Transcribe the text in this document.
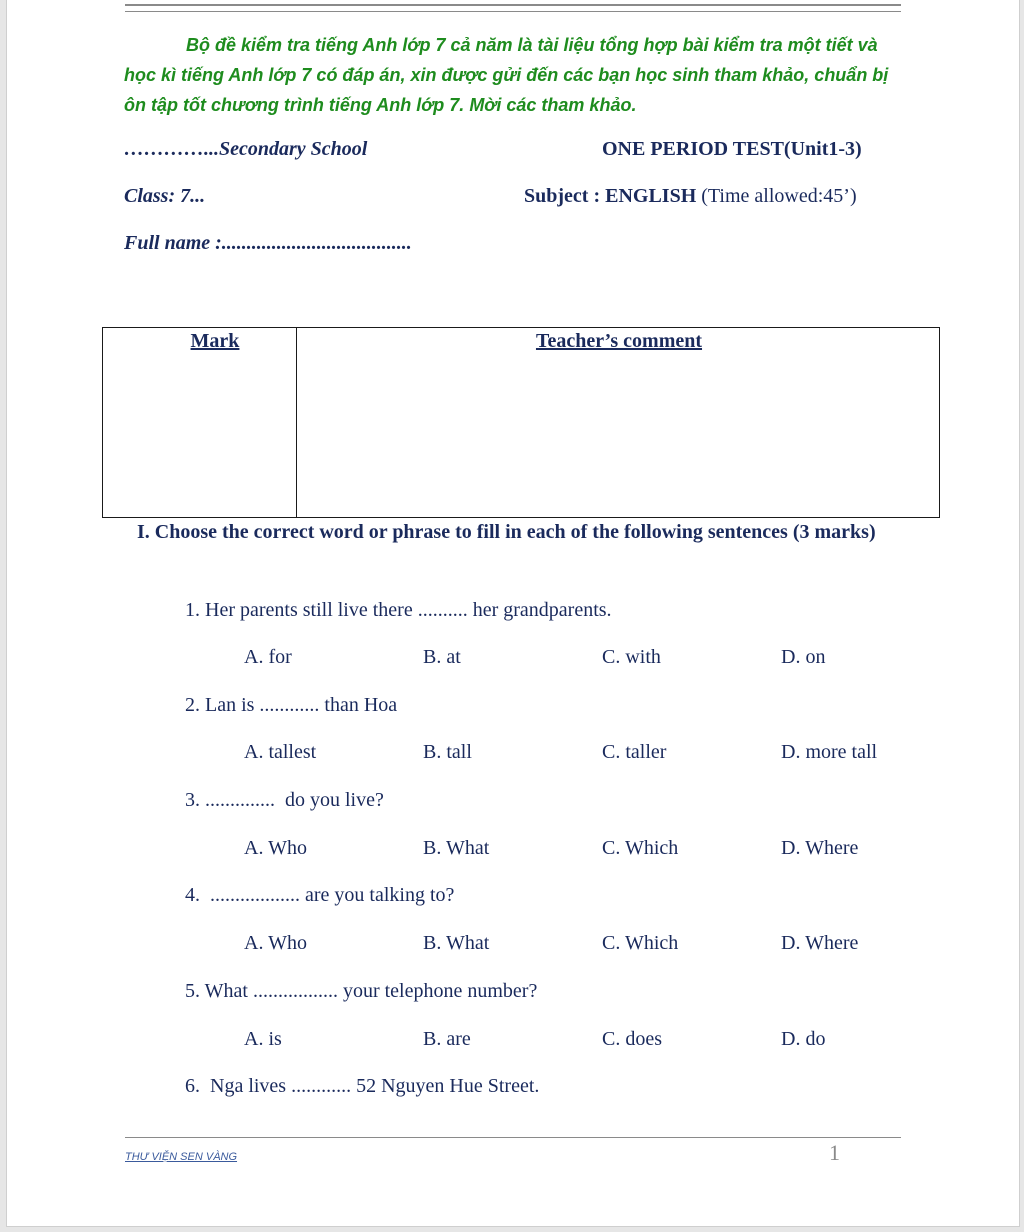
Bộ đề kiểm tra tiếng Anh lớp 7 cả năm là tài liệu tổng hợp bài kiểm tra một tiết và học kì tiếng Anh lớp 7 có đáp án, xin được gửi đến các bạn học sinh tham khảo, chuẩn bị ôn tập tốt chương trình tiếng Anh lớp 7. Mời các tham khảo.
…………...Secondary School	ONE PERIOD TEST(Unit1-3)
Class: 7...	Subject : ENGLISH (Time allowed:45’)
Full name :......................................
Mark	Teacher’s comment
I. Choose the correct word or phrase to fill in each of the following sentences (3 marks)
1. Her parents still live there .......... her grandparents.
A. for	B. at	C. with	D. on
2. Lan is ............ than Hoa
A. tallest	B. tall	C. taller	D. more tall
3. ..............  do you live?
A. Who	B. What	C. Which	D. Where
4.  .................. are you talking to?
A. Who	B. What	C. Which	D. Where
5. What ................. your telephone number?
A. is	B. are	C. does	D. do
6.  Nga lives ............ 52 Nguyen Hue Street.
THƯ VIỆN SEN VÀNG	1
